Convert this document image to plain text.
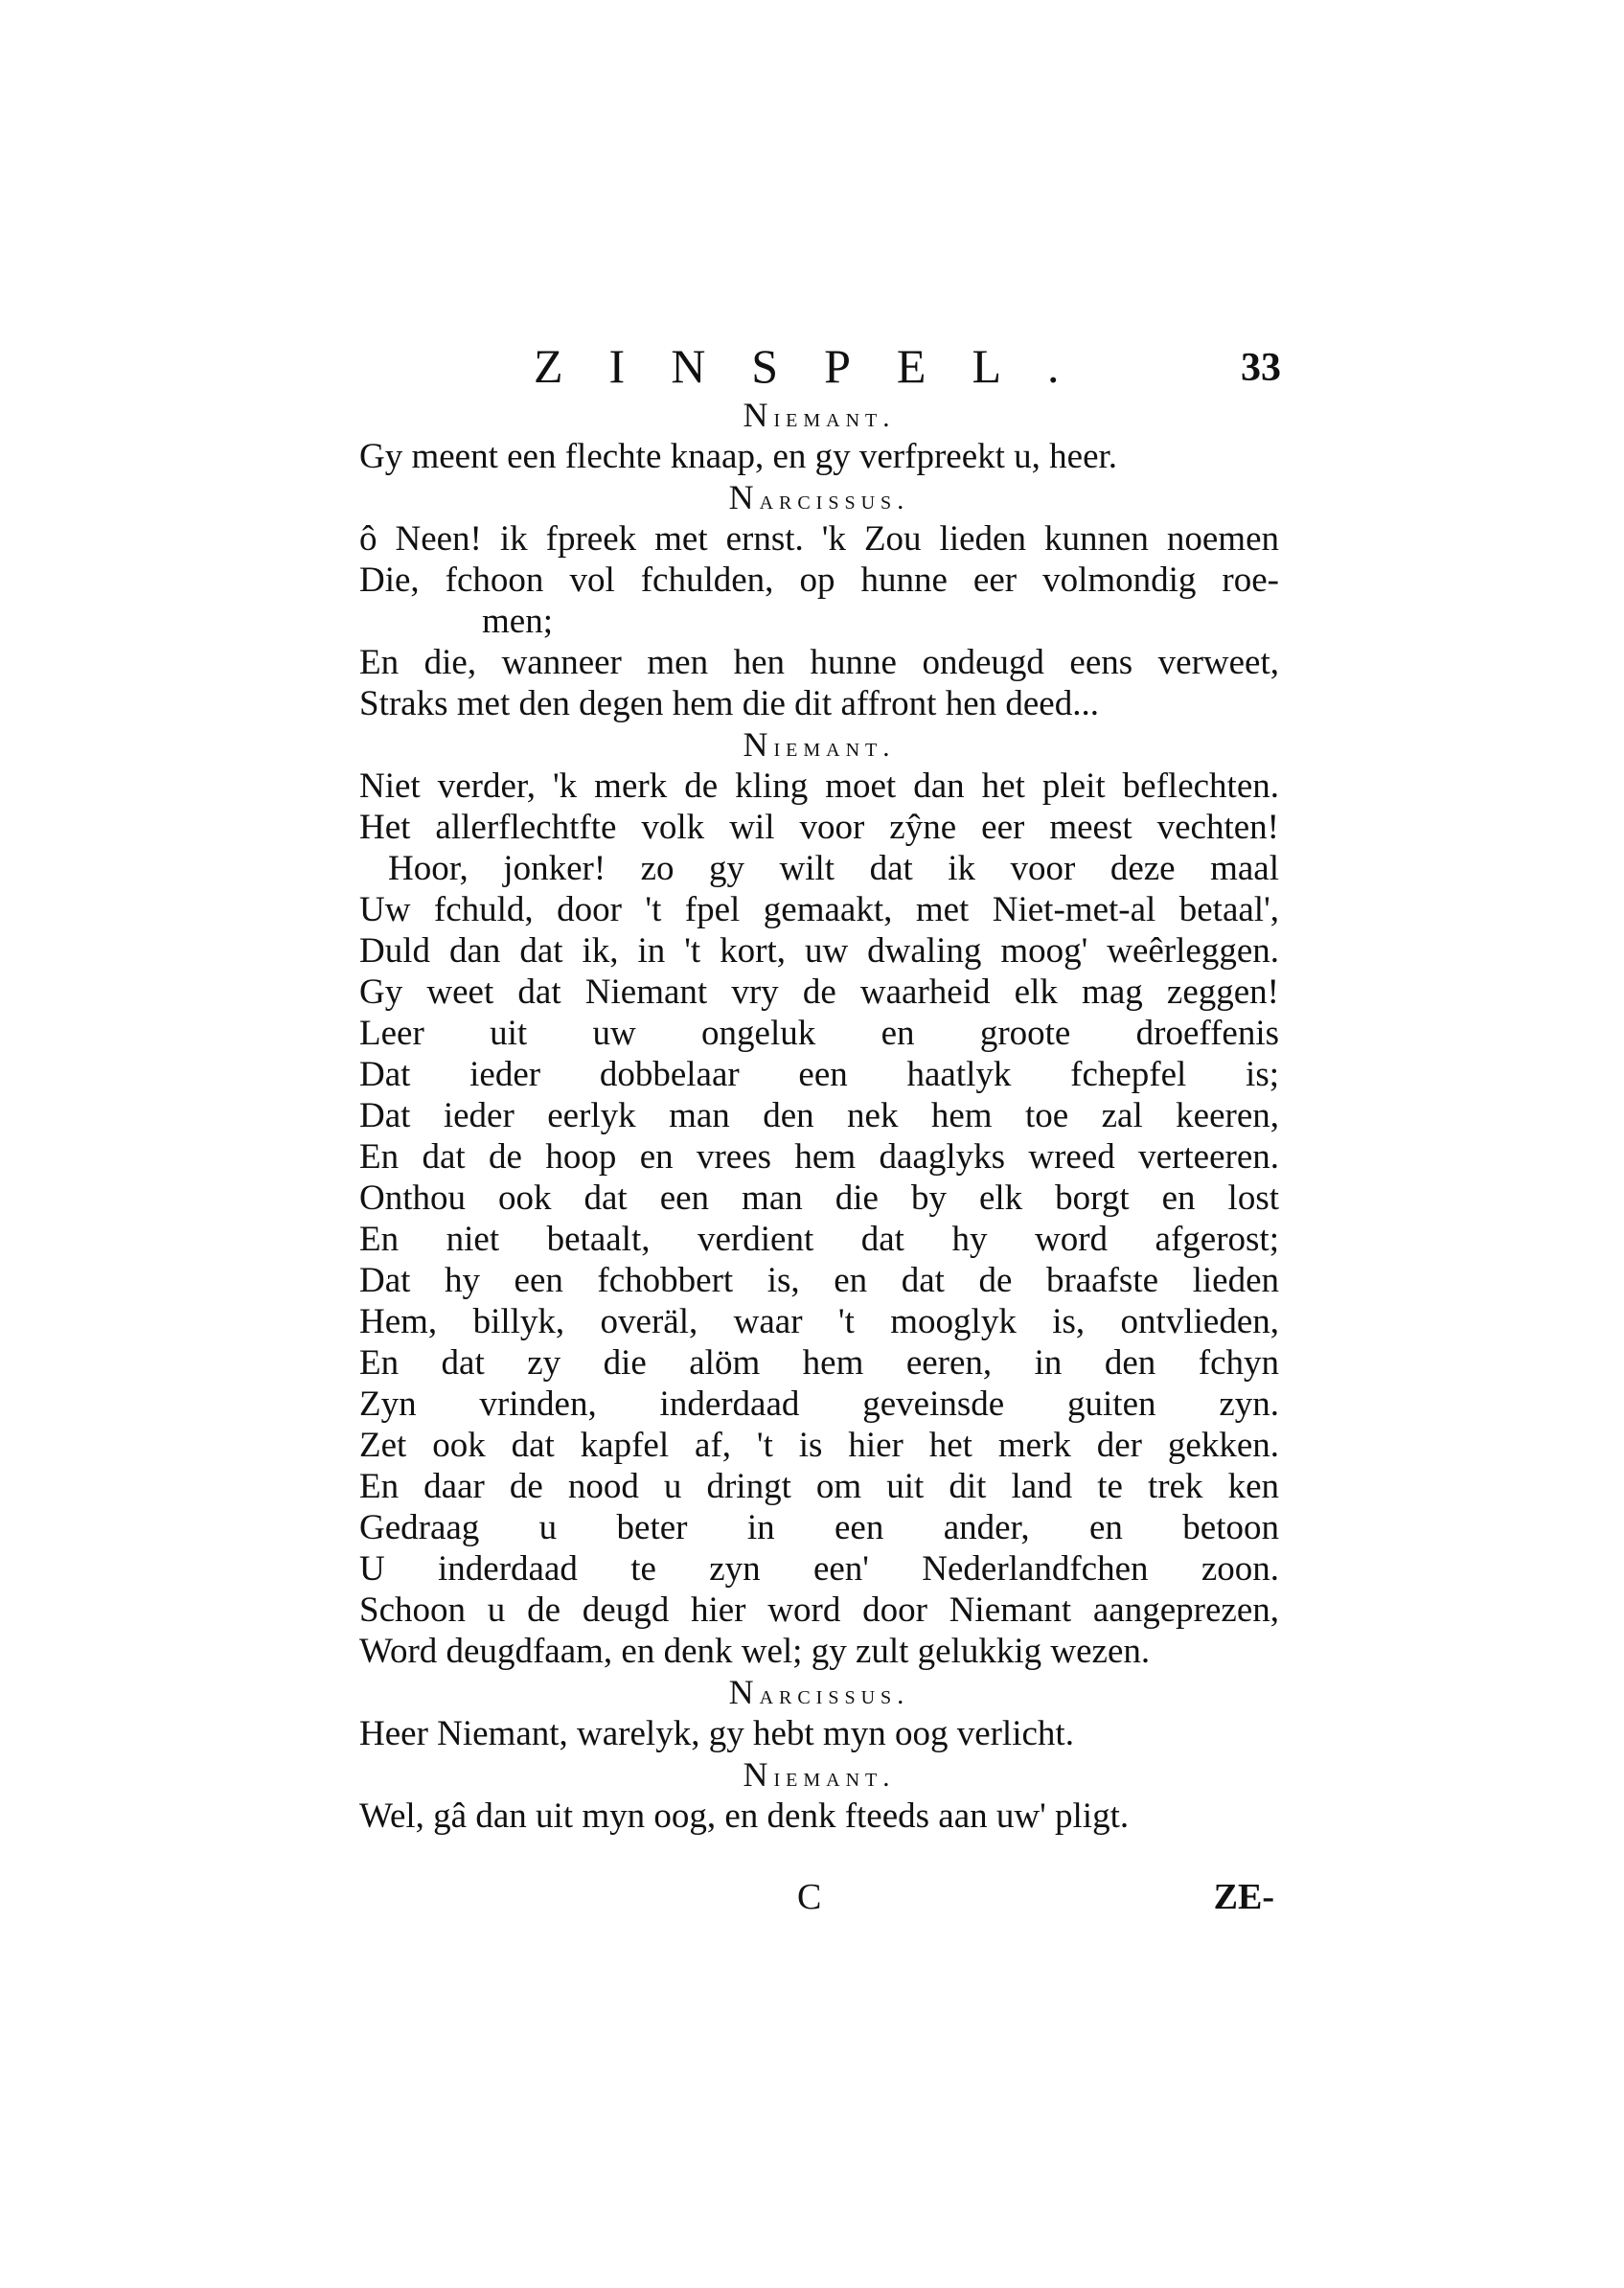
ZINSPEL.	33
Niemant.
Gy meent een flechte knaap, en gy verfpreekt u, heer.
Narcissus.
ô Neen! ik fpreek met ernst. 'k Zou lieden kunnen noemen
Die, fchoon vol fchulden, op hunne eer volmondig roe-
men;
En die, wanneer men hen hunne ondeugd eens verweet,
Straks met den degen hem die dit affront hen deed...
Niemant.
Niet verder, 'k merk de kling moet dan het pleit beflechten.
Het allerflechtfte volk wil voor zŷne eer meest vechten!
Hoor, jonker! zo gy wilt dat ik voor deze maal
Uw fchuld, door 't fpel gemaakt, met Niet-met-al betaal',
Duld dan dat ik, in 't kort, uw dwaling moog' weêrleggen.
Gy weet dat Niemant vry de waarheid elk mag zeggen!
Leer uit uw ongeluk en groote droeffenis
Dat ieder dobbelaar een haatlyk fchepfel is;
Dat ieder eerlyk man den nek hem toe zal keeren,
En dat de hoop en vrees hem daaglyks wreed verteeren.
Onthou ook dat een man die by elk borgt en lost
En niet betaalt, verdient dat hy word afgerost;
Dat hy een fchobbert is, en dat de braafste lieden
Hem, billyk, overäl, waar 't mooglyk is, ontvlieden,
En dat zy die alöm hem eeren, in den fchyn
Zyn vrinden, inderdaad geveinsde guiten zyn.
Zet ook dat kapfel af, 't is hier het merk der gekken.
En daar de nood u dringt om uit dit land te trek ken
Gedraag u beter in een ander, en betoon
U inderdaad te zyn een' Nederlandfchen zoon.
Schoon u de deugd hier word door Niemant aangeprezen,
Word deugdfaam, en denk wel; gy zult gelukkig wezen.
Narcissus.
Heer Niemant, warelyk, gy hebt myn oog verlicht.
Niemant.
Wel, gâ dan uit myn oog, en denk fteeds aan uw' pligt.
C	ZE-
